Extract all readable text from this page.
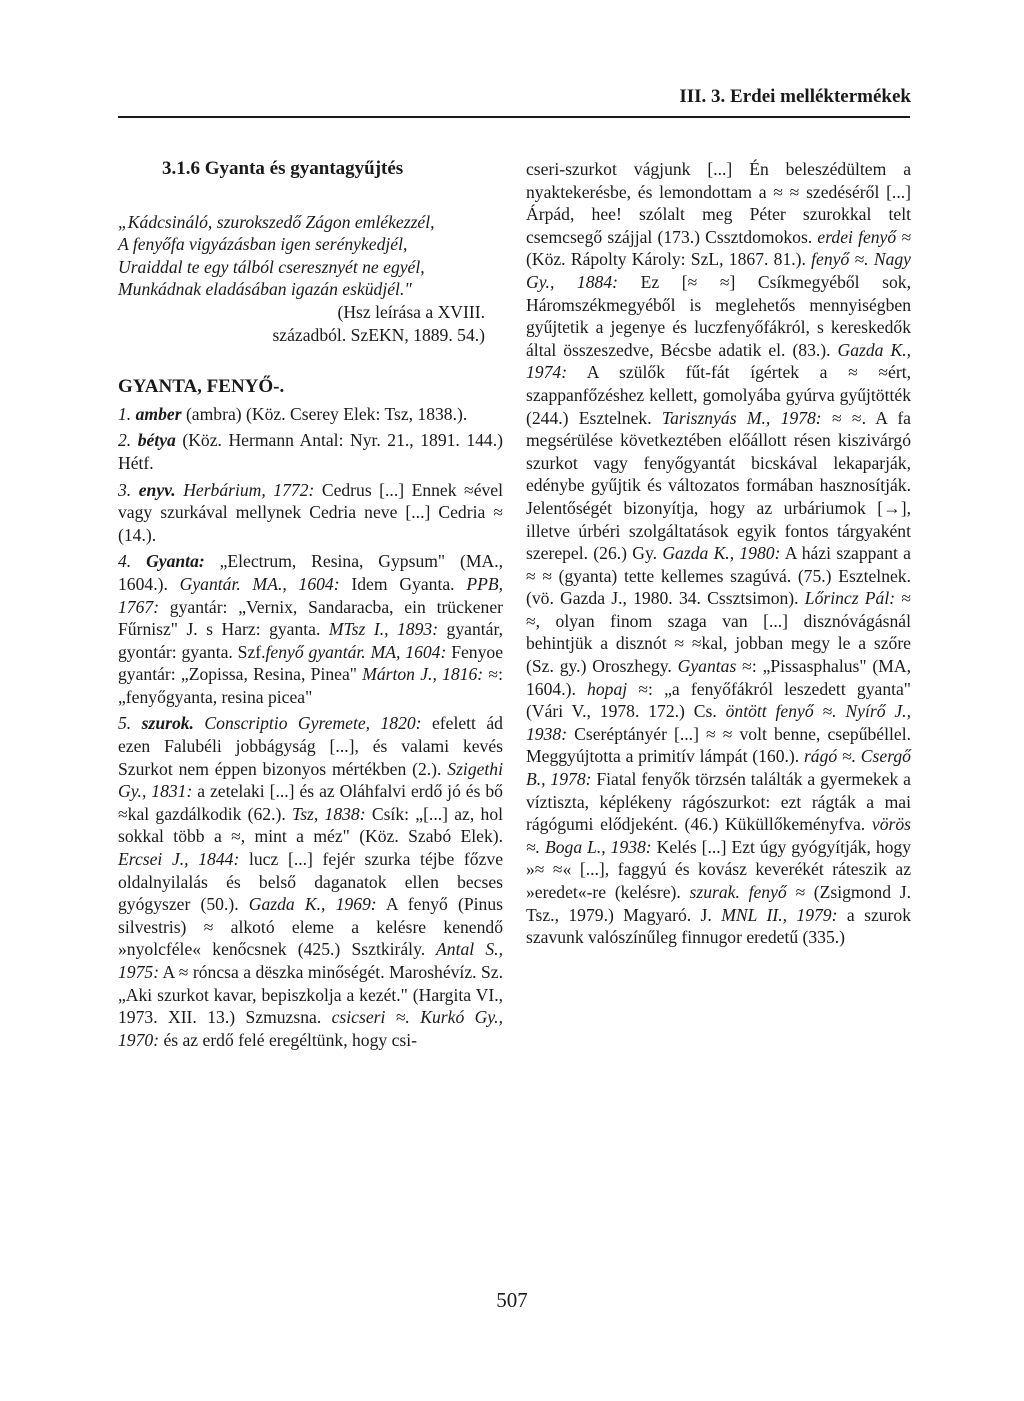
III. 3. Erdei melléktermékek

3.1.6 Gyanta és gyantagyűjtés

„Kádcsináló, szurokszedő Zágon emlékezzél,

A fenyőfa vigyázásban igen serénykedjél,

Uraiddal te egy tálból cseresznyét ne egyél,

Munkádnak eladásában igazán esküdjél."

(Hsz leírása a XVIII.

századból. SzEKN, 1889. 54.)

GYANTA, FENYŐ-.

1. amber (ambra) (Köz. Cserey Elek: Tsz, 1838.).

2. bétya (Köz. Hermann Antal: Nyr. 21., 1891. 144.) Hétf.

3. enyv. Herbárium, 1772: Cedrus [...] Ennek ≈ével vagy szurkával mellynek Cedria neve [...] Cedria ≈ (14.).

4. Gyanta: „Electrum, Resina, Gypsum" (MA., 1604.). Gyantár. MA., 1604: Idem Gyanta. PPB, 1767: gyantár: „Vernix, Sandaracba, ein trückener Fűrnisz" J. s Harz: gyanta. MTsz I., 1893: gyantár, gyontár: gyanta. Szf.fenyő gyantár. MA, 1604: Fenyoe gyantár: „Zopissa, Resina, Pinea" Márton J., 1816: ≈: „fenyőgyanta, resina picea"

5. szurok. Conscriptio Gyremete, 1820: efelett ád ezen Falubéli jobbágyság [...], és valami kevés Szurkot nem éppen bizonyos mértékben (2.). Szigethi Gy., 1831: a zetelaki [...] és az Oláhfalvi erdő jó és bő ≈kal gazdálkodik (62.). Tsz, 1838: Csík: „[...] az, hol sokkal több a ≈, mint a méz" (Köz. Szabó Elek). Ercsei J., 1844: lucz [...] fejér szurka téjbe főzve oldalnyilalás és belső daganatok ellen becses gyógyszer (50.). Gazda K., 1969: A fenyő (Pinus silvestris) ≈ alkotó eleme a kelésre kenendő »nyolcféle« kenőcsnek (425.) Ssztkirály. Antal S., 1975: A ≈ róncsa a dëszka minőségét. Maroshévíz. Sz. „Aki szurkot kavar, bepiszkolja a kezét." (Hargita VI., 1973. XII. 13.) Szmuzsna. csicseri ≈. Kurkó Gy., 1970: és az erdő felé eregéltünk, hogy csi-

cseri-szurkot vágjunk [...] Én beleszédültem a nyaktekerésbe, és lemondottam a ≈ ≈ szedéséről [...] Árpád, hee! szólalt meg Péter szurokkal telt csemcsegő szájjal (173.) Cssztdomokos. erdei fenyő ≈ (Köz. Rápolty Károly: SzL, 1867. 81.). fenyő ≈. Nagy Gy., 1884: Ez [≈ ≈] Csíkmegyéből sok, Háromszékmegyéből is meglehetős mennyiségben gyűjtetik a jegenye és luczfenyőfákról, s kereskedők által összeszedve, Bécsbe adatik el. (83.). Gazda K., 1974: A szülők fűt-fát ígértek a ≈ ≈ért, szappanfőzéshez kellett, gomolyába gyúrva gyűjtötték (244.) Esztelnek. Tarisznyás M., 1978: ≈ ≈. A fa megsérülése következtében előállott résen kiszivárgó szurkot vagy fenyőgyantát bicskával lekaparják, edénybe gyűjtik és változatos formában hasznosítják. Jelentőségét bizonyítja, hogy az urbáriumok [→], illetve úrbéri szolgáltatások egyik fontos tárgyaként szerepel. (26.) Gy. Gazda K., 1980: A házi szappant a ≈ ≈ (gyanta) tette kellemes szagúvá. (75.) Esztelnek. (vö. Gazda J., 1980. 34. Cssztsimon). Lőrincz Pál: ≈ ≈, olyan finom szaga van [...] disznóvágásnál behintjük a disznót ≈ ≈kal, jobban megy le a szőre (Sz. gy.) Oroszhegy. Gyantas ≈: „Pissasphalus" (MA, 1604.). hopaj ≈: „a fenyőfákról leszedett gyanta" (Vári V., 1978. 172.) Cs. öntött fenyő ≈. Nyírő J., 1938: Cseréptányér [...] ≈ ≈ volt benne, csepűbéllel. Meggyújtotta a primitív lámpát (160.). rágó ≈. Csergő B., 1978: Fiatal fenyők törzsén találták a gyermekek a víztiszta, képlékeny rágószurkot: ezt rágták a mai rágógumi elődjeként. (46.) Küküllőkeményfva. vörös ≈. Boga L., 1938: Kelés [...] Ezt úgy gyógyítják, hogy »≈ ≈« [...], faggyú és kovász keverékét ráteszik az »eredet«-re (kelésre). szurak. fenyő ≈ (Zsigmond J. Tsz., 1979.) Magyaró. J. MNL II., 1979: a szurok szavunk valószínűleg finnugor eredetű (335.)

507
